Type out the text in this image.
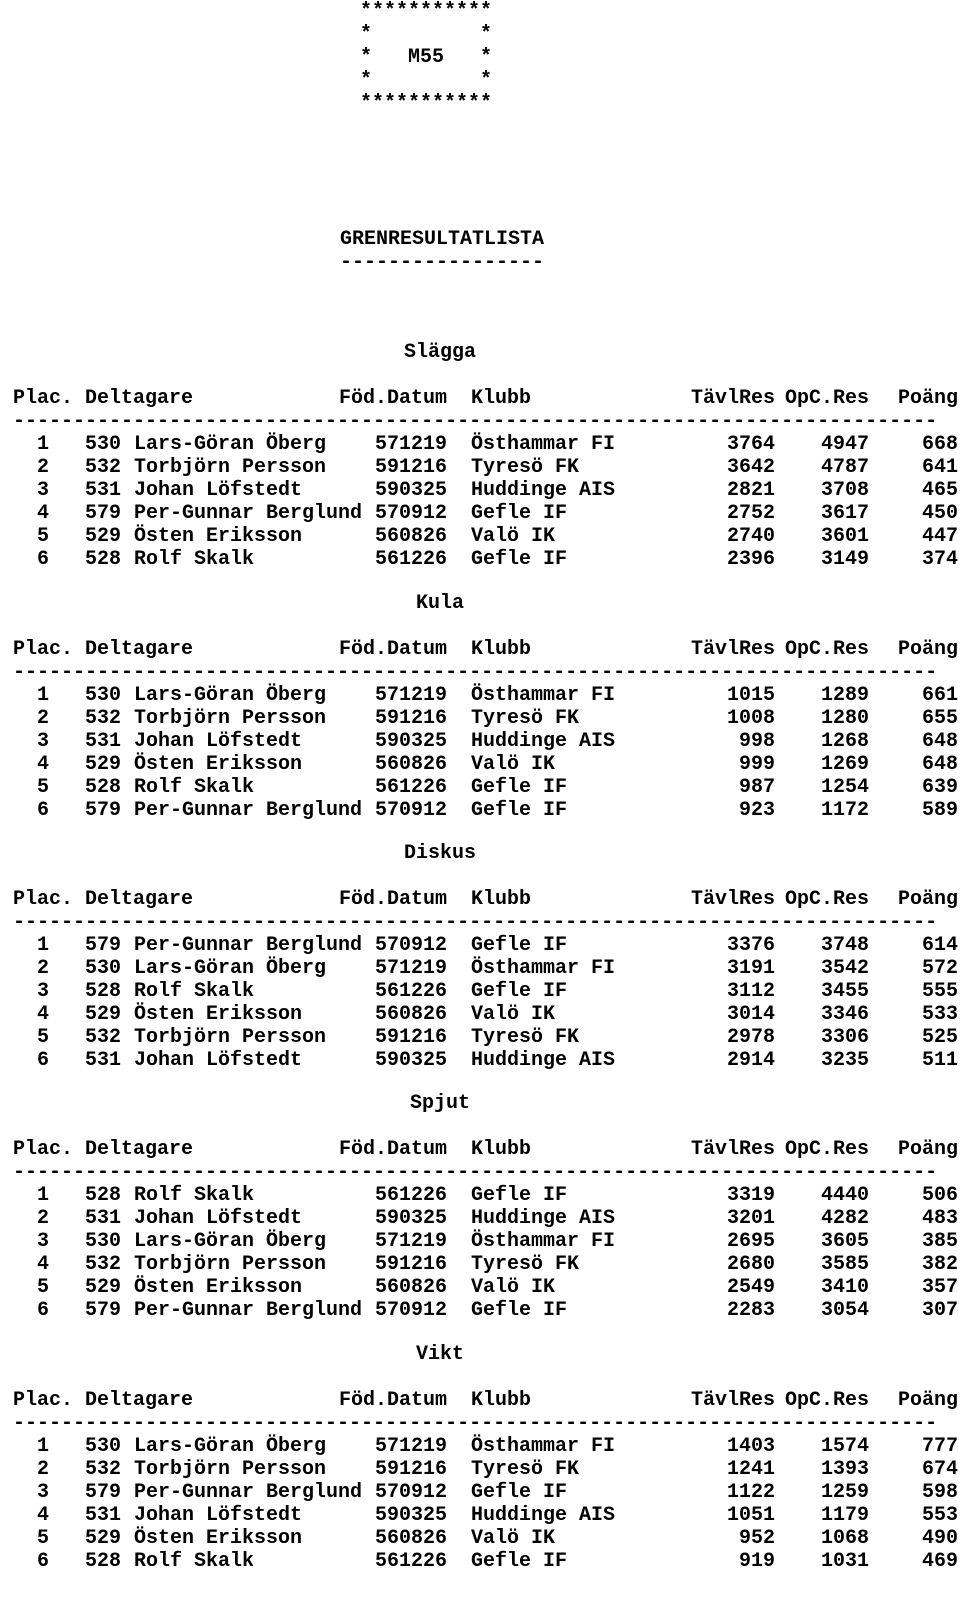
***********
*         *
*   M55   *
*         *
***********
GRENRESULTATLISTA
-----------------
Slägga
Plac. Deltagare	Föd.Datum Klubb	TävlRes OpC.Res Poäng
-----------------------------------------------------------------------------
1 530 Lars-Göran Öberg 571219 Östhammar FI	3764 4947	668
2 532 Torbjörn Persson 591216 Tyresö FK	3642 4787	641
3 531 Johan Löfstedt	590325 Huddinge AIS	2821 3708	465
4 579 Per-Gunnar Berglund 570912 Gefle IF	2752 3617	450
5 529 Östen Eriksson	560826 Valö IK	2740 3601	447
6 528 Rolf Skalk	561226 Gefle IF	2396 3149	374
Kula
Plac. Deltagare	Föd.Datum Klubb	TävlRes OpC.Res Poäng
-----------------------------------------------------------------------------
1 530 Lars-Göran Öberg 571219 Östhammar FI	1015 1289	661
2 532 Torbjörn Persson 591216 Tyresö FK	1008 1280	655
3 531 Johan Löfstedt	590325 Huddinge AIS	998 1268	648
4 529 Östen Eriksson	560826 Valö IK	999 1269	648
5 528 Rolf Skalk	561226 Gefle IF	987 1254	639
6 579 Per-Gunnar Berglund 570912 Gefle IF	923 1172	589
Diskus
Plac. Deltagare	Föd.Datum Klubb	TävlRes OpC.Res Poäng
-----------------------------------------------------------------------------
1 579 Per-Gunnar Berglund 570912 Gefle IF	3376 3748	614
2 530 Lars-Göran Öberg 571219 Östhammar FI	3191 3542	572
3 528 Rolf Skalk	561226 Gefle IF	3112 3455	555
4 529 Östen Eriksson	560826 Valö IK	3014 3346	533
5 532 Torbjörn Persson 591216 Tyresö FK	2978 3306	525
6 531 Johan Löfstedt	590325 Huddinge AIS	2914 3235	511
Spjut
Plac. Deltagare	Föd.Datum Klubb	TävlRes OpC.Res Poäng
-----------------------------------------------------------------------------
1 528 Rolf Skalk	561226 Gefle IF	3319 4440	506
2 531 Johan Löfstedt	590325 Huddinge AIS	3201 4282	483
3 530 Lars-Göran Öberg 571219 Östhammar FI	2695 3605	385
4 532 Torbjörn Persson 591216 Tyresö FK	2680 3585	382
5 529 Östen Eriksson	560826 Valö IK	2549 3410	357
6 579 Per-Gunnar Berglund 570912 Gefle IF	2283 3054	307
Vikt
Plac. Deltagare	Föd.Datum Klubb	TävlRes OpC.Res Poäng
-----------------------------------------------------------------------------
1 530 Lars-Göran Öberg 571219 Östhammar FI	1403 1574	777
2 532 Torbjörn Persson 591216 Tyresö FK	1241 1393	674
3 579 Per-Gunnar Berglund 570912 Gefle IF	1122 1259	598
4 531 Johan Löfstedt	590325 Huddinge AIS	1051 1179	553
5 529 Östen Eriksson	560826 Valö IK	952 1068	490
6 528 Rolf Skalk	561226 Gefle IF	919 1031	469
